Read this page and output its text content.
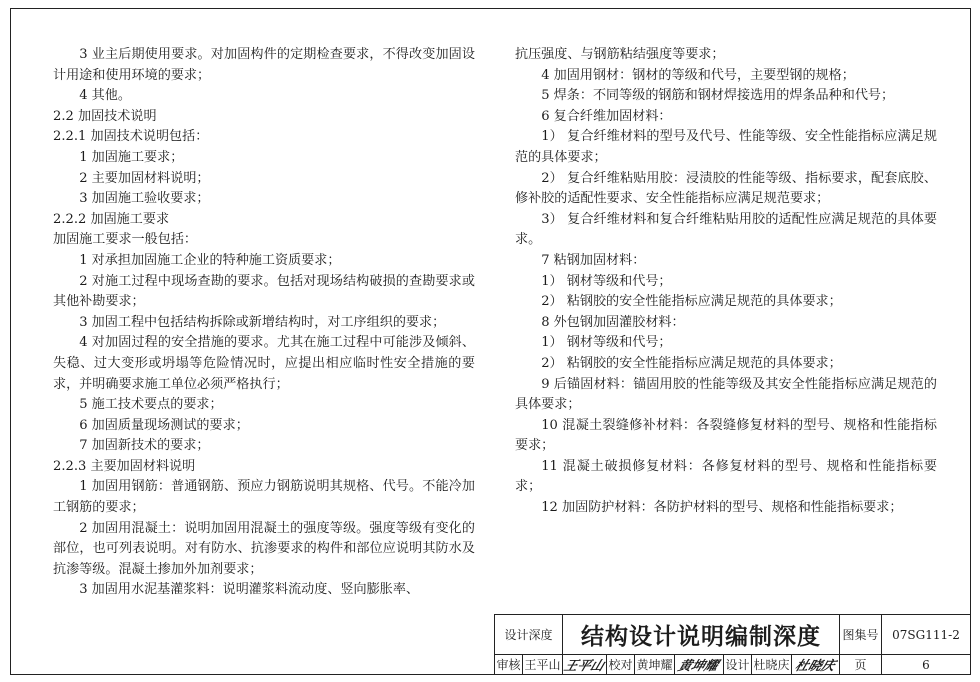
3 业主后期使用要求。对加固构件的定期检查要求，不得改变加固设计用途和使用环境的要求；

4 其他。

2.2 加固技术说明

2.2.1 加固技术说明包括：

1 加固施工要求；

2 主要加固材料说明；

3 加固施工验收要求；

2.2.2 加固施工要求

加固施工要求一般包括：

1 对承担加固施工企业的特种施工资质要求；

2 对施工过程中现场查勘的要求。包括对现场结构破损的查勘要求或其他补勘要求；

3 加固工程中包括结构拆除或新增结构时，对工序组织的要求；

4 对加固过程的安全措施的要求。尤其在施工过程中可能涉及倾斜、失稳、过大变形或坍塌等危险情况时，应提出相应临时性安全措施的要求，并明确要求施工单位必须严格执行；

5 施工技术要点的要求；

6 加固质量现场测试的要求；

7 加固新技术的要求；

2.2.3 主要加固材料说明

1 加固用钢筋：普通钢筋、预应力钢筋说明其规格、代号。不能冷加工钢筋的要求；

2 加固用混凝土：说明加固用混凝土的强度等级。强度等级有变化的部位，也可列表说明。对有防水、抗渗要求的构件和部位应说明其防水及抗渗等级。混凝土掺加外加剂要求；

3 加固用水泥基灌浆料：说明灌浆料流动度、竖向膨胀率、

抗压强度、与钢筋粘结强度等要求；

4 加固用钢材：钢材的等级和代号，主要型钢的规格；

5 焊条：不同等级的钢筋和钢材焊接选用的焊条品种和代号；

6 复合纤维加固材料：

1） 复合纤维材料的型号及代号、性能等级、安全性能指标应满足规范的具体要求；

2） 复合纤维粘贴用胶：浸渍胶的性能等级、指标要求，配套底胶、修补胶的适配性要求、安全性能指标应满足规范要求；

3） 复合纤维材料和复合纤维粘贴用胶的适配性应满足规范的具体要求。

7 粘钢加固材料：

1） 钢材等级和代号；

2） 粘钢胶的安全性能指标应满足规范的具体要求；

8 外包钢加固灌胶材料：

1） 钢材等级和代号；

2） 粘钢胶的安全性能指标应满足规范的具体要求；

9 后锚固材料：锚固用胶的性能等级及其安全性能指标应满足规范的具体要求；

10 混凝土裂缝修补材料：各裂缝修复材料的型号、规格和性能指标要求；

11 混凝土破损修复材料：各修复材料的型号、规格和性能指标要求；

12 加固防护材料：各防护材料的型号、规格和性能指标要求；

设计深度	结构设计说明编制深度	图集号	07SG111-2
审核 王平山 王平山 校对 黄坤耀 黄坤耀 设计 杜晓庆 杜晓庆	页	6
